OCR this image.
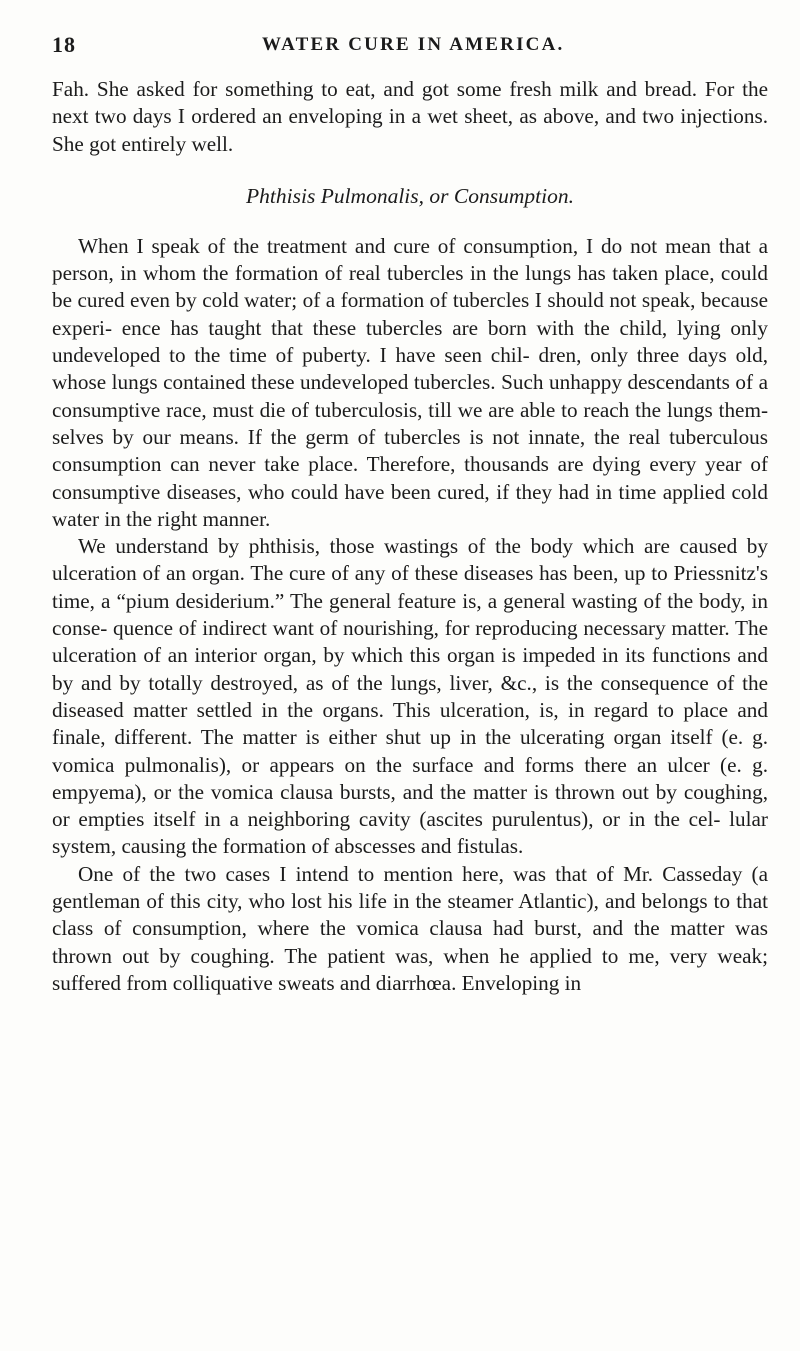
18	WATER CURE IN AMERICA.

Fah. She asked for something to eat, and got some fresh milk and bread. For the next two days I ordered an enveloping in a wet sheet, as above, and two injections. She got entirely well.

Phthisis Pulmonalis, or Consumption.

When I speak of the treatment and cure of consumption, I do not mean that a person, in whom the formation of real tubercles in the lungs has taken place, could be cured even by cold water; of a formation of tubercles I should not speak, because experi- ence has taught that these tubercles are born with the child, lying only undeveloped to the time of puberty. I have seen chil- dren, only three days old, whose lungs contained these undeveloped tubercles. Such unhappy descendants of a consumptive race, must die of tuberculosis, till we are able to reach the lungs them- selves by our means. If the germ of tubercles is not innate, the real tuberculous consumption can never take place. Therefore, thousands are dying every year of consumptive diseases, who could have been cured, if they had in time applied cold water in the right manner.

We understand by phthisis, those wastings of the body which are caused by ulceration of an organ. The cure of any of these diseases has been, up to Priessnitz's time, a “pium desiderium.” The general feature is, a general wasting of the body, in conse- quence of indirect want of nourishing, for reproducing necessary matter. The ulceration of an interior organ, by which this organ is impeded in its functions and by and by totally destroyed, as of the lungs, liver, &c., is the consequence of the diseased matter settled in the organs. This ulceration, is, in regard to place and finale, different. The matter is either shut up in the ulcerating organ itself (e. g. vomica pulmonalis), or appears on the surface and forms there an ulcer (e. g. empyema), or the vomica clausa bursts, and the matter is thrown out by coughing, or empties itself in a neighboring cavity (ascites purulentus), or in the cel- lular system, causing the formation of abscesses and fistulas.

One of the two cases I intend to mention here, was that of Mr. Casseday (a gentleman of this city, who lost his life in the steamer Atlantic), and belongs to that class of consumption, where the vomica clausa had burst, and the matter was thrown out by coughing. The patient was, when he applied to me, very weak; suffered from colliquative sweats and diarrhœa. Enveloping in
